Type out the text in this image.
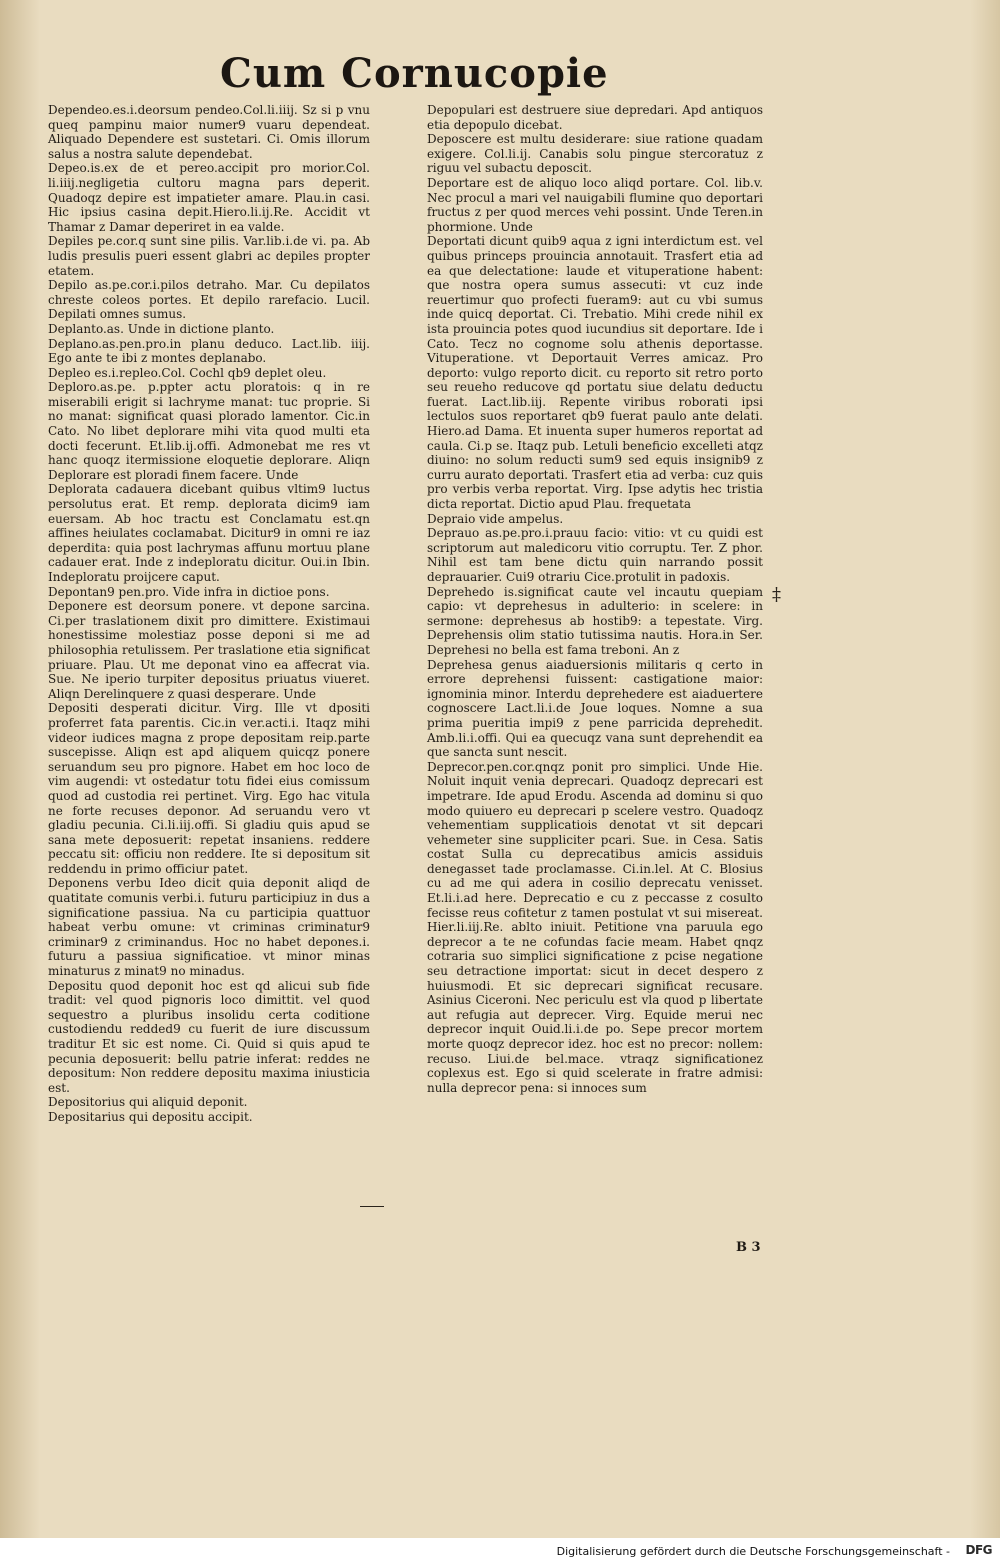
Cum Cornucopie

Dependeo.es.i.deorsum pendeo.Col.li.iiij. Sz si p vnu queq pampinu maior numer9 vuaru dependeat. Aliquado Dependere est sustetari. Ci. Omis illorum salus a nostra salute dependebat.

Depeo.is.ex de et pereo.accipit pro morior.Col. li.iiij.negligetia cultoru magna pars deperit. Quadoqz depire est impatieter amare. Plau.in casi. Hic ipsius casina depit.Hiero.li.ij.Re. Accidit vt Thamar z Damar deperiret in ea valde.

Depiles pe.cor.q sunt sine pilis. Var.lib.i.de vi. pa. Ab ludis presulis pueri essent glabri ac depiles propter etatem.

Depilo as.pe.cor.i.pilos detraho. Mar. Cu depilatos chreste coleos portes. Et depilo rarefacio. Lucil. Depilati omnes sumus.

Deplanto.as. Unde in dictione planto.

Deplano.as.pen.pro.in planu deduco. Lact.lib. iiij. Ego ante te ibi z montes deplanabo.

Depleo es.i.repleo.Col. Cochl qb9 deplet oleu.

Deploro.as.pe. p.ppter actu ploratois: q in re miserabili erigit si lachryme manat: tuc proprie. Si no manat: significat quasi plorado lamentor. Cic.in Cato. No libet deplorare mihi vita quod multi eta docti fecerunt. Et.lib.ij.offi. Admonebat me res vt hanc quoqz itermissione eloquetie deplorare. Aliqn Deplorare est ploradi finem facere. Unde

Deplorata cadauera dicebant quibus vltim9 luctus persolutus erat. Et remp. deplorata dicim9 iam euersam. Ab hoc tractu est Conclamatu est.qn affines heiulates coclamabat. Dicitur9 in omni re iaz deperdita: quia post lachrymas affunu mortuu plane cadauer erat. Inde z indeploratu dicitur. Oui.in Ibin. Indeploratu proijcere caput.

Depontan9 pen.pro. Vide infra in dictioe pons.

Deponere est deorsum ponere. vt depone sarcina. Ci.per traslationem dixit pro dimittere. Existimaui honestissime molestiaz posse deponi si me ad philosophia retulissem. Per traslatione etia significat priuare. Plau. Ut me deponat vino ea affecrat via. Sue. Ne iperio turpiter depositus priuatus viueret. Aliqn Derelinquere z quasi desperare. Unde

Depositi desperati dicitur. Virg. Ille vt dpositi proferret fata parentis. Cic.in ver.acti.i. Itaqz mihi videor iudices magna z prope depositam reip.parte suscepisse. Aliqn est apd aliquem quicqz ponere seruandum seu pro pignore. Habet em hoc loco de vim augendi: vt ostedatur totu fidei eius comissum quod ad custodia rei pertinet. Virg. Ego hac vitula ne forte recuses deponor. Ad seruandu vero vt gladiu pecunia. Ci.li.iij.offi. Si gladiu quis apud se sana mete deposuerit: repetat insaniens. reddere peccatu sit: officiu non reddere. Ite si depositum sit reddendu in primo officiur patet.

Deponens verbu Ideo dicit quia deponit aliqd de quatitate comunis verbi.i. futuru participiuz in dus a significatione passiua. Na cu participia quattuor habeat verbu omune: vt criminas criminatur9 criminar9 z criminandus. Hoc no habet depones.i. futuru a passiua significatioe. vt minor minas minaturus z minat9 no minadus.

Depositu quod deponit hoc est qd alicui sub fide tradit: vel quod pignoris loco dimittit. vel quod sequestro a pluribus insolidu certa coditione custodiendu redded9 cu fuerit de iure discussum traditur Et sic est nome. Ci. Quid si quis apud te pecunia deposuerit: bellu patrie inferat: reddes ne depositum: Non reddere depositu maxima iniusticia est.

Depositorius qui aliquid deponit.

Depositarius qui depositu accipit.

Depopulari est destruere siue depredari. Apd antiquos etia depopulo dicebat.

Deposcere est multu desiderare: siue ratione quadam exigere. Col.li.ij. Canabis solu pingue stercoratuz z riguu vel subactu deposcit.

Deportare est de aliquo loco aliqd portare. Col. lib.v. Nec procul a mari vel nauigabili flumine quo deportari fructus z per quod merces vehi possint. Unde Teren.in phormione. Unde

Deportati dicunt quib9 aqua z igni interdictum est. vel quibus princeps prouincia annotauit. Trasfert etia ad ea que delectatione: laude et vituperatione habent: que nostra opera sumus assecuti: vt cuz inde reuertimur quo profecti fueram9: aut cu vbi sumus inde quicq deportat. Ci. Trebatio. Mihi crede nihil ex ista prouincia potes quod iucundius sit deportare. Ide i Cato. Tecz no cognome solu athenis deportasse. Vituperatione. vt Deportauit Verres amicaz. Pro deporto: vulgo reporto dicit. cu reporto sit retro porto seu reueho reducove qd portatu siue delatu deductu fuerat. Lact.lib.iij. Repente viribus roborati ipsi lectulos suos reportaret qb9 fuerat paulo ante delati. Hiero.ad Dama. Et inuenta super humeros reportat ad caula. Ci.p se. Itaqz pub. Letuli beneficio excelleti atqz diuino: no solum reducti sum9 sed equis insignib9 z curru aurato deportati. Trasfert etia ad verba: cuz quis pro verbis verba reportat. Virg. Ipse adytis hec tristia dicta reportat. Dictio apud Plau. frequetata

Depraio vide ampelus.

Deprauo as.pe.pro.i.prauu facio: vitio: vt cu quidi est scriptorum aut maledicoru vitio corruptu. Ter. Z phor. Nihil est tam bene dictu quin narrando possit deprauarier. Cui9 otrariu Cice.protulit in padoxis.

Deprehedo is.significat caute vel incautu quepiam capio: vt deprehesus in adulterio: in scelere: in sermone: deprehesus ab hostib9: a tepestate. Virg. Deprehensis olim statio tutissima nautis. Hora.in Ser. Deprehesi no bella est fama treboni. An z

Deprehesa genus aiaduersionis militaris q certo in errore deprehensi fuissent: castigatione maior: ignominia minor. Interdu deprehedere est aiaduertere cognoscere Lact.li.i.de Joue loques. Nomne a sua prima pueritia impi9 z pene parricida deprehedit. Amb.li.i.offi. Qui ea quecuqz vana sunt deprehendit ea que sancta sunt nescit.

Deprecor.pen.cor.qnqz ponit pro simplici. Unde Hie. Noluit inquit venia deprecari. Quadoqz deprecari est impetrare. Ide apud Erodu. Ascenda ad dominu si quo modo quiuero eu deprecari p scelere vestro. Quadoqz vehementiam supplicatiois denotat vt sit depcari vehemeter sine suppliciter pcari. Sue. in Cesa. Satis costat Sulla cu deprecatibus amicis assiduis denegasset tade proclamasse. Ci.in.lel. At C. Blosius cu ad me qui adera in cosilio deprecatu venisset. Et.li.i.ad here. Deprecatio e cu z peccasse z cosulto fecisse reus cofitetur z tamen postulat vt sui misereat. Hier.li.iij.Re. ablto iniuit. Petitione vna paruula ego deprecor a te ne cofundas facie meam. Habet qnqz cotraria suo simplici significatione z pcise negatione seu detractione importat: sicut in decet despero z huiusmodi. Et sic deprecari significat recusare. Asinius Ciceroni. Nec periculu est vla quod p libertate aut refugia aut deprecer. Virg. Equide merui nec deprecor inquit Ouid.li.i.de po. Sepe precor mortem morte quoqz deprecor idez. hoc est no precor: nollem: recuso. Liui.de bel.mace. vtraqz significationez coplexus est. Ego si quid scelerate in fratre admisi: nulla deprecor pena: si innoces sum

‡
B 3
Digitalisierung gefördert durch die Deutsche Forschungsgemeinschaft - DFG
